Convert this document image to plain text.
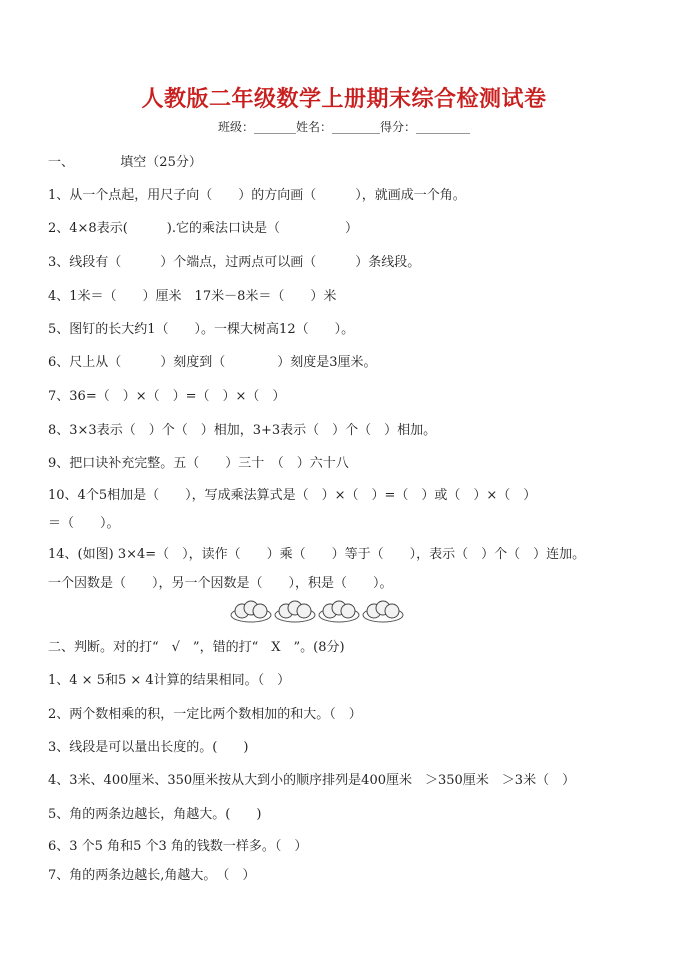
人教版二年级数学上册期末综合检测试卷
班级：_______姓名：________得分：_________
一、	填空（25分）
1、从一个点起，用尺子向（　　）的方向画（　　　），就画成一个角。
2、4×8表示(　　　).它的乘法口诀是（　　　　　）
3、线段有（　　　）个端点，过两点可以画（　　　）条线段。
4、1米＝（　　）厘米　17米－8米＝（　　）米
5、图钉的长大约1（　　）。一棵大树高12（　　）。
6、尺上从（　　　）刻度到（　　　　）刻度是3厘米。
7、36=（　）×（　）=（　）×（　）
8、3×3表示（　）个（　）相加，3+3表示（　）个（　）相加。
9、把口诀补充完整。五（　　）三十　（　）六十八
10、4个5相加是（　　），写成乘法算式是（　）×（　）=（　）或（　）×（　）
＝（　　）。
14、(如图) 3×4=（　），读作（　　）乘（　　）等于（　　），表示（　）个（　）连加。
一个因数是（　　），另一个因数是（　　），积是（　　）。
二、判断。对的打“　√　”，错的打“　X　”。(8分)
1、4 × 5和5 × 4计算的结果相同。（　）
2、两个数相乘的积，一定比两个数相加的和大。（　）
3、线段是可以量出长度的。(　　)
4、3米、400厘米、350厘米按从大到小的顺序排列是400厘米　＞350厘米　＞3米（　）
5、角的两条边越长，角越大。(　　)
6、3 个5 角和5 个3 角的钱数一样多。（　）
7、角的两条边越长,角越大。　（　）
